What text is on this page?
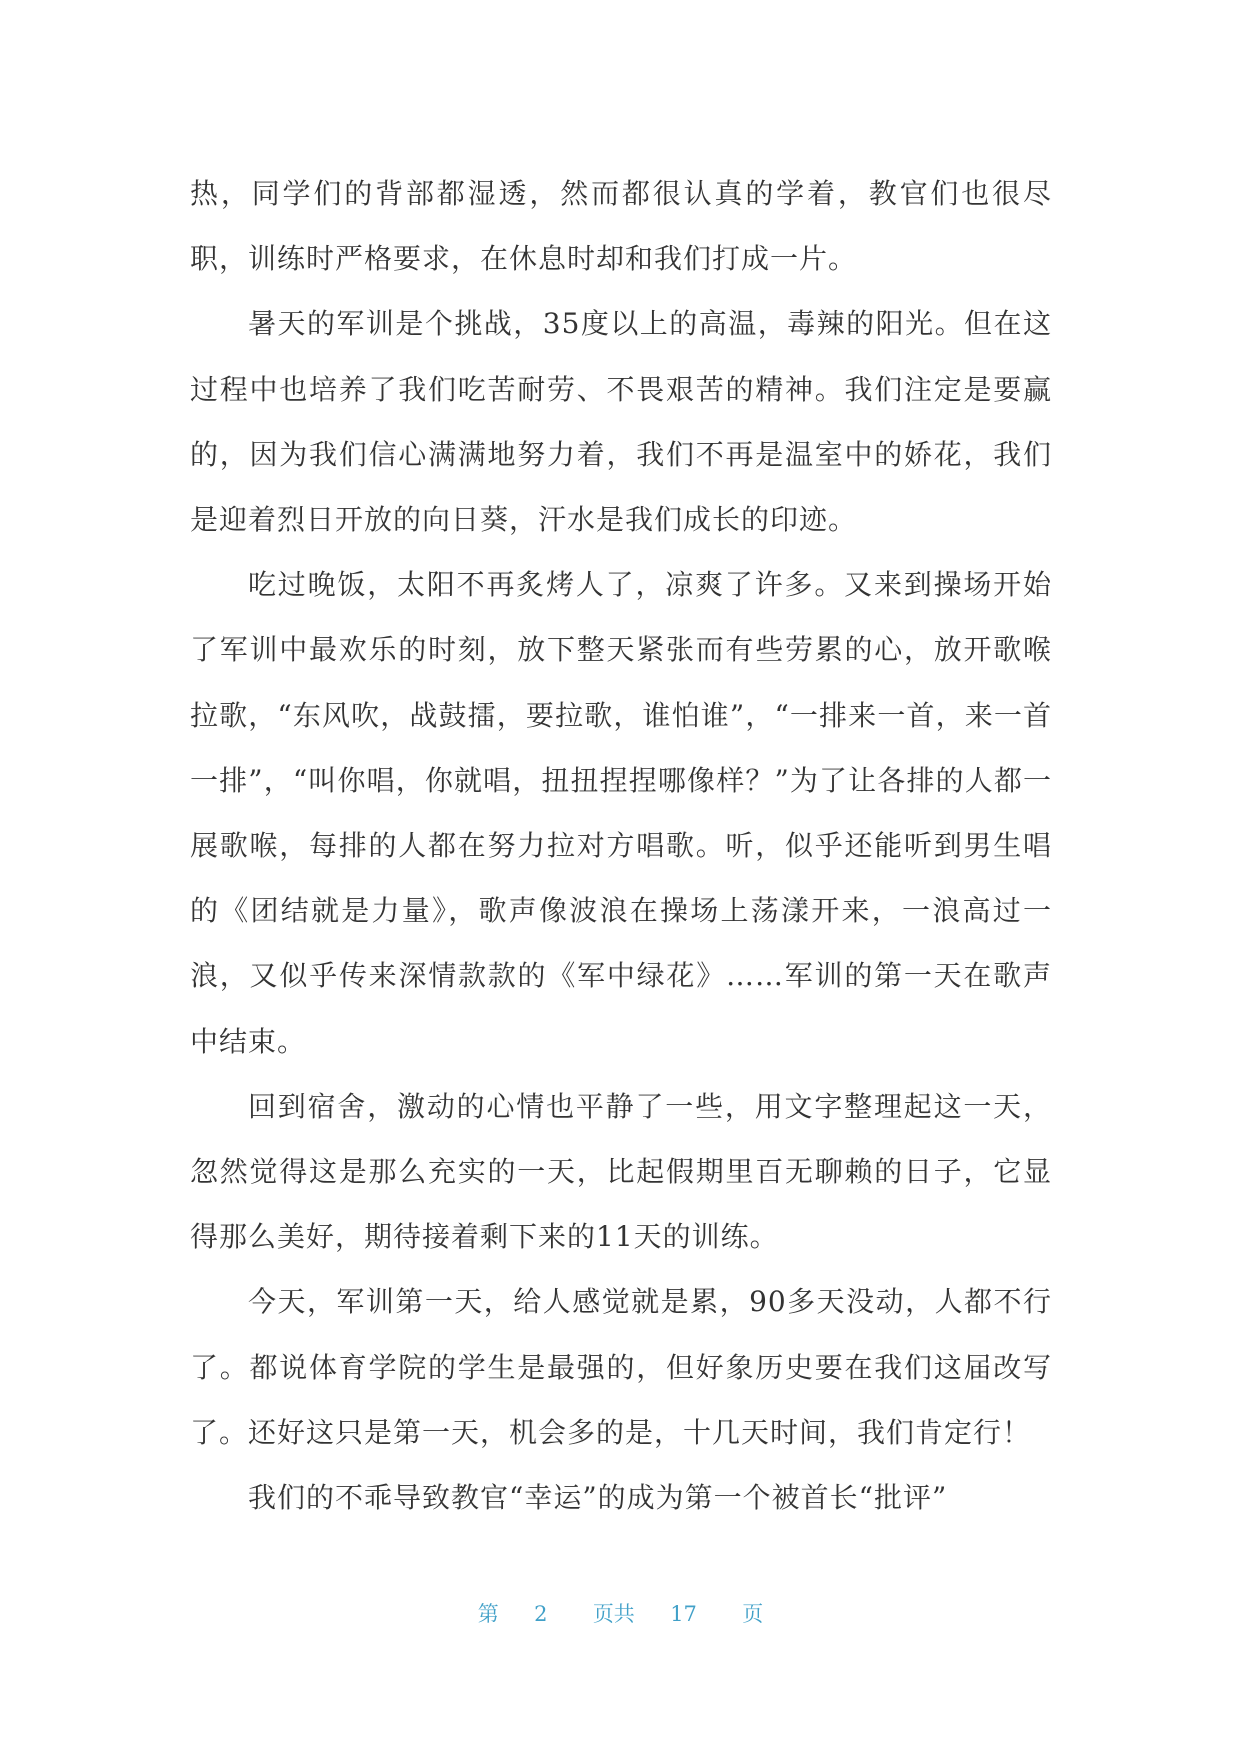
热，同学们的背部都湿透，然而都很认真的学着，教官们也很尽职，训练时严格要求，在休息时却和我们打成一片。

暑天的军训是个挑战，35度以上的高温，毒辣的阳光。但在这过程中也培养了我们吃苦耐劳、不畏艰苦的精神。我们注定是要赢的，因为我们信心满满地努力着，我们不再是温室中的娇花，我们是迎着烈日开放的向日葵，汗水是我们成长的印迹。

吃过晚饭，太阳不再炙烤人了，凉爽了许多。又来到操场开始了军训中最欢乐的时刻，放下整天紧张而有些劳累的心，放开歌喉拉歌，“东风吹，战鼓擂，要拉歌，谁怕谁”，“一排来一首，来一首一排”，“叫你唱，你就唱，扭扭捏捏哪像样？”为了让各排的人都一展歌喉，每排的人都在努力拉对方唱歌。听，似乎还能听到男生唱的《团结就是力量》，歌声像波浪在操场上荡漾开来，一浪高过一浪，又似乎传来深情款款的《军中绿花》……军训的第一天在歌声中结束。

回到宿舍，激动的心情也平静了一些，用文字整理起这一天，忽然觉得这是那么充实的一天，比起假期里百无聊赖的日子，它显得那么美好，期待接着剩下来的11天的训练。

今天，军训第一天，给人感觉就是累，90多天没动，人都不行了。都说体育学院的学生是最强的，但好象历史要在我们这届改写了。还好这只是第一天，机会多的是，十几天时间，我们肯定行！

我们的不乖导致教官“幸运”的成为第一个被首长“批评”

第 2 页共 17 页
